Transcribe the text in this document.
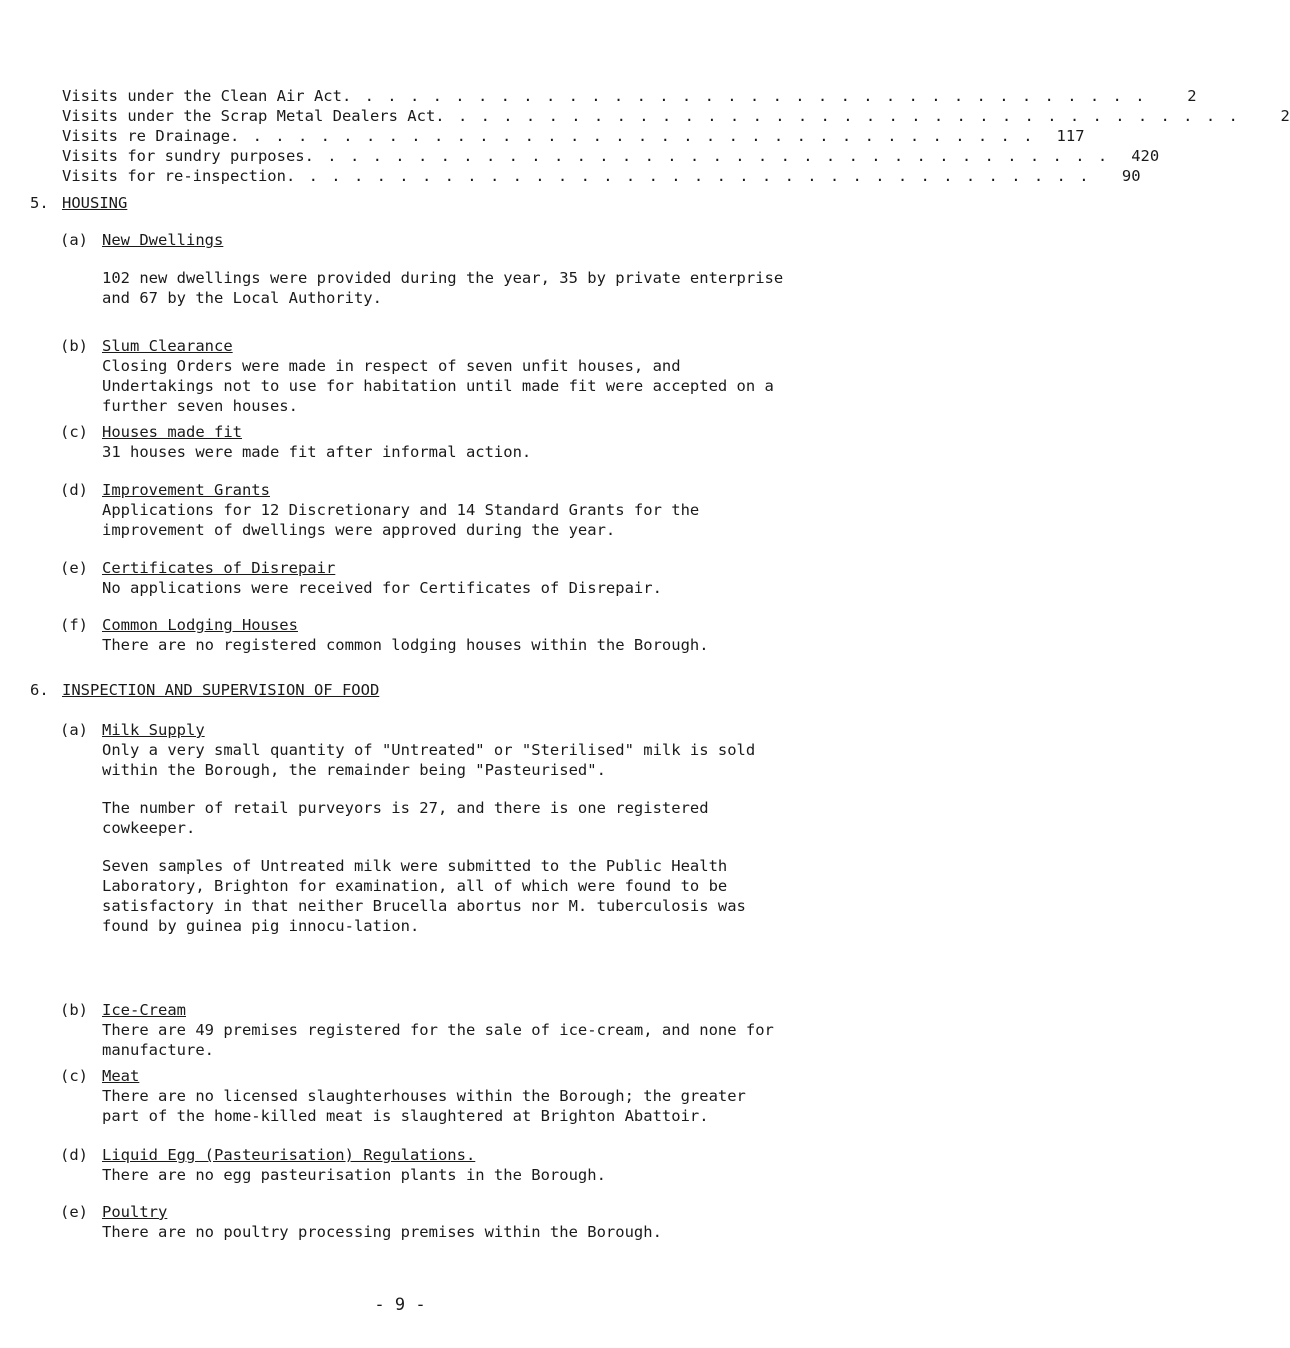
Visits under the Clean Air Act . . . . . . . . . . . . . . . . . . . . . . . . . . . . . . . . . . . .	2
Visits under the Scrap Metal Dealers Act . . . . . . . . . . . . . . . . . . . . . . . . . . . . . . . . . . . .	2
Visits re Drainage . . . . . . . . . . . . . . . . . . . . . . . . . . . . . . . . . . . .	117
Visits for sundry purposes . . . . . . . . . . . . . . . . . . . . . . . . . . . . . . . . . . . .	420
Visits for re-inspection . . . . . . . . . . . . . . . . . . . . . . . . . . . . . . . . . . . .	90
5. HOUSING
(a) New Dwellings

102 new dwellings were provided during the year, 35 by private enterprise and 67 by the Local Authority.

(b) Slum Clearance

Closing Orders were made in respect of seven unfit houses, and Undertakings not to use for habitation until made fit were accepted on a further seven houses.

(c) Houses made fit

31 houses were made fit after informal action.

(d) Improvement Grants

Applications for 12 Discretionary and 14 Standard Grants for the improvement of dwellings were approved during the year.

(e) Certificates of Disrepair

No applications were received for Certificates of Disrepair.

(f) Common Lodging Houses

There are no registered common lodging houses within the Borough.

6. INSPECTION AND SUPERVISION OF FOOD
(a) Milk Supply

Only a very small quantity of "Untreated" or "Sterilised" milk is sold within the Borough, the remainder being "Pasteurised".

The number of retail purveyors is 27, and there is one registered cowkeeper.

Seven samples of Untreated milk were submitted to the Public Health Laboratory, Brighton for examination, all of which were found to be satisfactory in that neither Brucella abortus nor M. tuberculosis was found by guinea pig innocu-lation.

(b) Ice-Cream

There are 49 premises registered for the sale of ice-cream, and none for manufacture.

(c) Meat

There are no licensed slaughterhouses within the Borough; the greater part of the home-killed meat is slaughtered at Brighton Abattoir.

(d) Liquid Egg (Pasteurisation) Regulations.

There are no egg pasteurisation plants in the Borough.

(e) Poultry

There are no poultry processing premises within the Borough.

- 9 -
